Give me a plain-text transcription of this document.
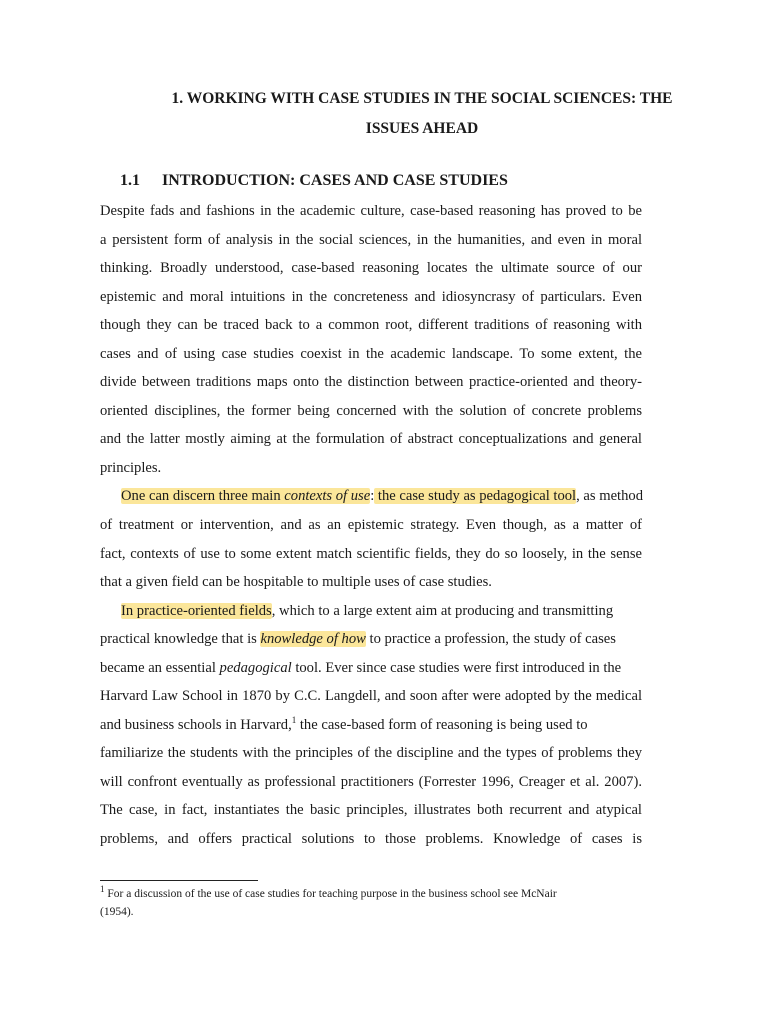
1. WORKING WITH CASE STUDIES IN THE SOCIAL SCIENCES: THE
ISSUES AHEAD
1.1 INTRODUCTION: CASES AND CASE STUDIES
Despite fads and fashions in the academic culture, case-based reasoning has proved to be
a persistent form of analysis in the social sciences, in the humanities, and even in moral
thinking. Broadly understood, case-based reasoning locates the ultimate source of our
epistemic and moral intuitions in the concreteness and idiosyncrasy of particulars. Even
though they can be traced back to a common root, different traditions of reasoning with
cases and of using case studies coexist in the academic landscape. To some extent, the
divide between traditions maps onto the distinction between practice-oriented and theory-
oriented disciplines, the former being concerned with the solution of concrete problems
and the latter mostly aiming at the formulation of abstract conceptualizations and general
principles.
One can discern three main contexts of use: the case study as pedagogical tool, as method
of treatment or intervention, and as an epistemic strategy. Even though, as a matter of
fact, contexts of use to some extent match scientific fields, they do so loosely, in the sense
that a given field can be hospitable to multiple uses of case studies.
In practice-oriented fields, which to a large extent aim at producing and transmitting
practical knowledge that is knowledge of how to practice a profession, the study of cases
became an essential pedagogical tool. Ever since case studies were first introduced in the
Harvard Law School in 1870 by C.C. Langdell, and soon after were adopted by the medical
and business schools in Harvard,$^1$ the case-based form of reasoning is being used to
familiarize the students with the principles of the discipline and the types of problems they
will confront eventually as professional practitioners (Forrester 1996, Creager et al. 2007).
The case, in fact, instantiates the basic principles, illustrates both recurrent and atypical
problems, and offers practical solutions to those problems. Knowledge of cases is
$^1$ For a discussion of the use of case studies for teaching purpose in the business school see McNair
(1954).
